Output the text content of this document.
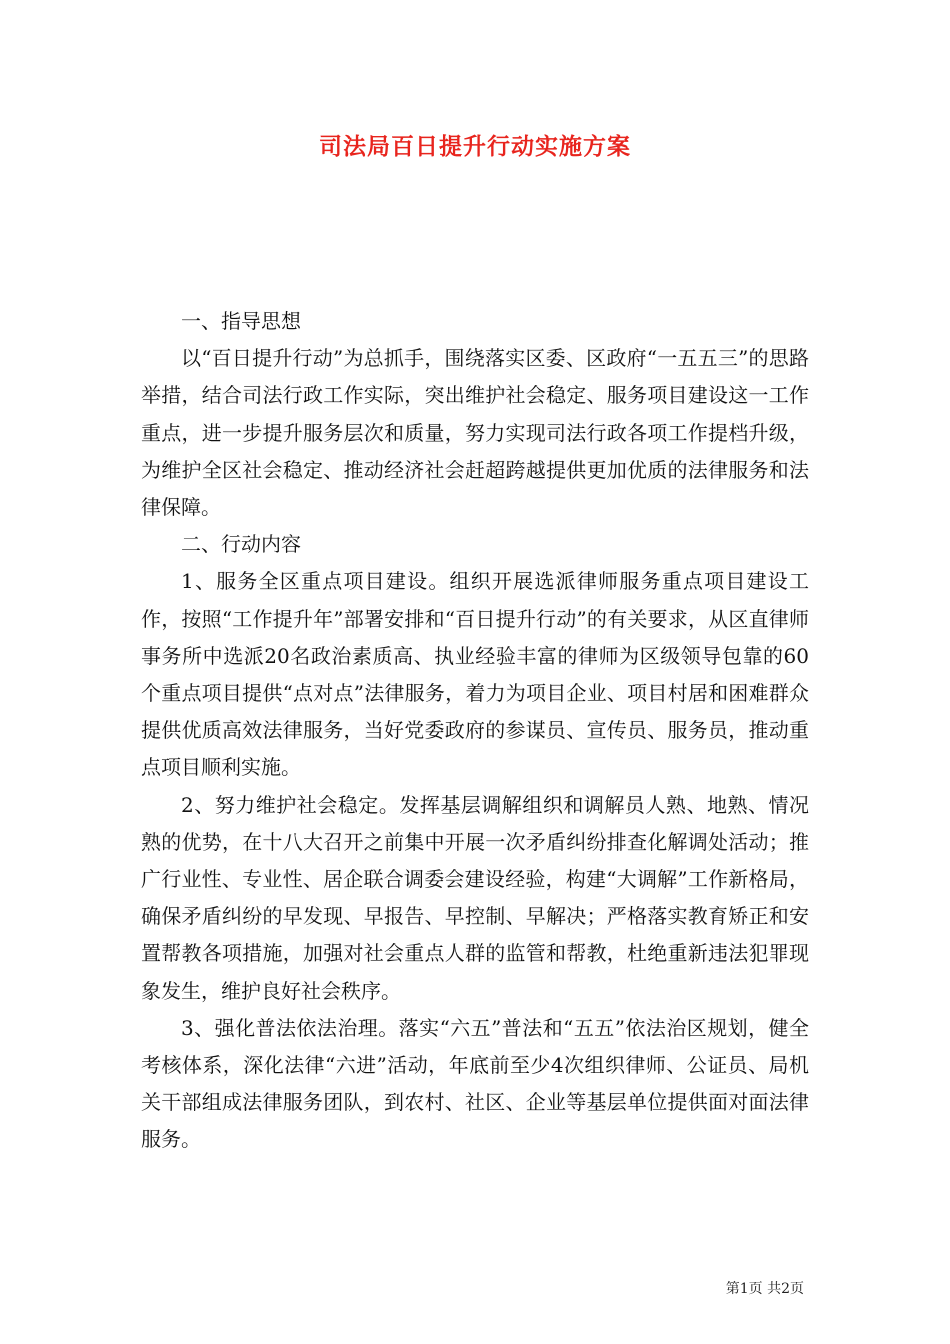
司法局百日提升行动实施方案

一、指导思想

以“百日提升行动”为总抓手，围绕落实区委、区政府“一五五三”的思路举措，结合司法行政工作实际，突出维护社会稳定、服务项目建设这一工作重点，进一步提升服务层次和质量，努力实现司法行政各项工作提档升级，为维护全区社会稳定、推动经济社会赶超跨越提供更加优质的法律服务和法律保障。

二、行动内容

1、服务全区重点项目建设。组织开展选派律师服务重点项目建设工作，按照“工作提升年”部署安排和“百日提升行动”的有关要求，从区直律师事务所中选派20名政治素质高、执业经验丰富的律师为区级领导包靠的60个重点项目提供“点对点”法律服务，着力为项目企业、项目村居和困难群众提供优质高效法律服务，当好党委政府的参谋员、宣传员、服务员，推动重点项目顺利实施。

2、努力维护社会稳定。发挥基层调解组织和调解员人熟、地熟、情况熟的优势，在十八大召开之前集中开展一次矛盾纠纷排查化解调处活动；推广行业性、专业性、居企联合调委会建设经验，构建“大调解”工作新格局，确保矛盾纠纷的早发现、早报告、早控制、早解决；严格落实教育矫正和安置帮教各项措施，加强对社会重点人群的监管和帮教，杜绝重新违法犯罪现象发生，维护良好社会秩序。

3、强化普法依法治理。落实“六五”普法和“五五”依法治区规划，健全考核体系，深化法律“六进”活动，年底前至少4次组织律师、公证员、局机关干部组成法律服务团队，到农村、社区、企业等基层单位提供面对面法律服务。

第1页 共2页
